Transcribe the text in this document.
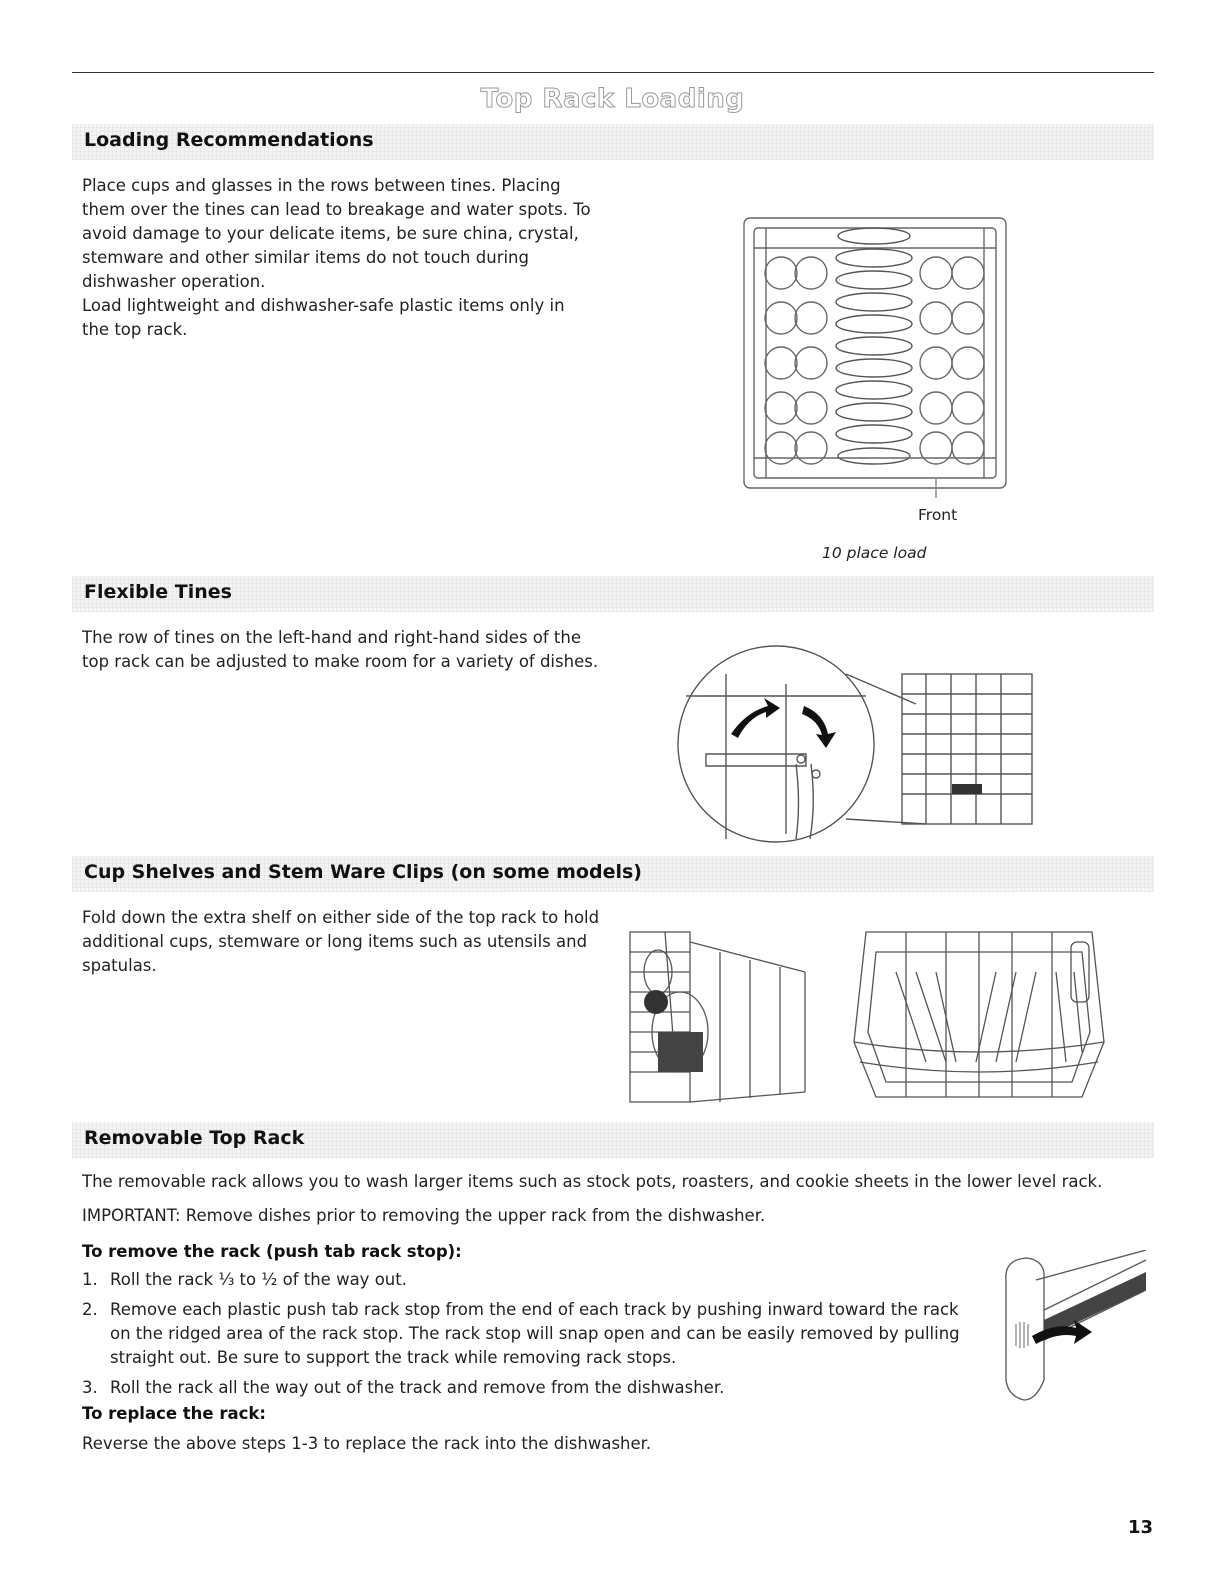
Top Rack Loading
Loading Recommendations

Place cups and glasses in the rows between tines. Placing them over the tines can lead to breakage and water spots. To avoid damage to your delicate items, be sure china, crystal, stemware and other similar items do not touch during dishwasher operation.

Load lightweight and dishwasher-safe plastic items only in the top rack.

Front
10 place load
Flexible Tines

The row of tines on the left-hand and right-hand sides of the top rack can be adjusted to make room for a variety of dishes.

Cup Shelves and Stem Ware Clips (on some models)

Fold down the extra shelf on either side of the top rack to hold additional cups, stemware or long items such as utensils and spatulas.

Removable Top Rack

The removable rack allows you to wash larger items such as stock pots, roasters, and cookie sheets in the lower level rack.

IMPORTANT: Remove dishes prior to removing the upper rack from the dishwasher.

To remove the rack (push tab rack stop):
1. Roll the rack ⅓ to ½ of the way out.
2. Remove each plastic push tab rack stop from the end of each track by pushing inward toward the rack on the ridged area of the rack stop. The rack stop will snap open and can be easily removed by pulling straight out. Be sure to support the track while removing rack stops.
3. Roll the rack all the way out of the track and remove from the dishwasher.
To replace the rack:

Reverse the above steps 1-3 to replace the rack into the dishwasher.

13
